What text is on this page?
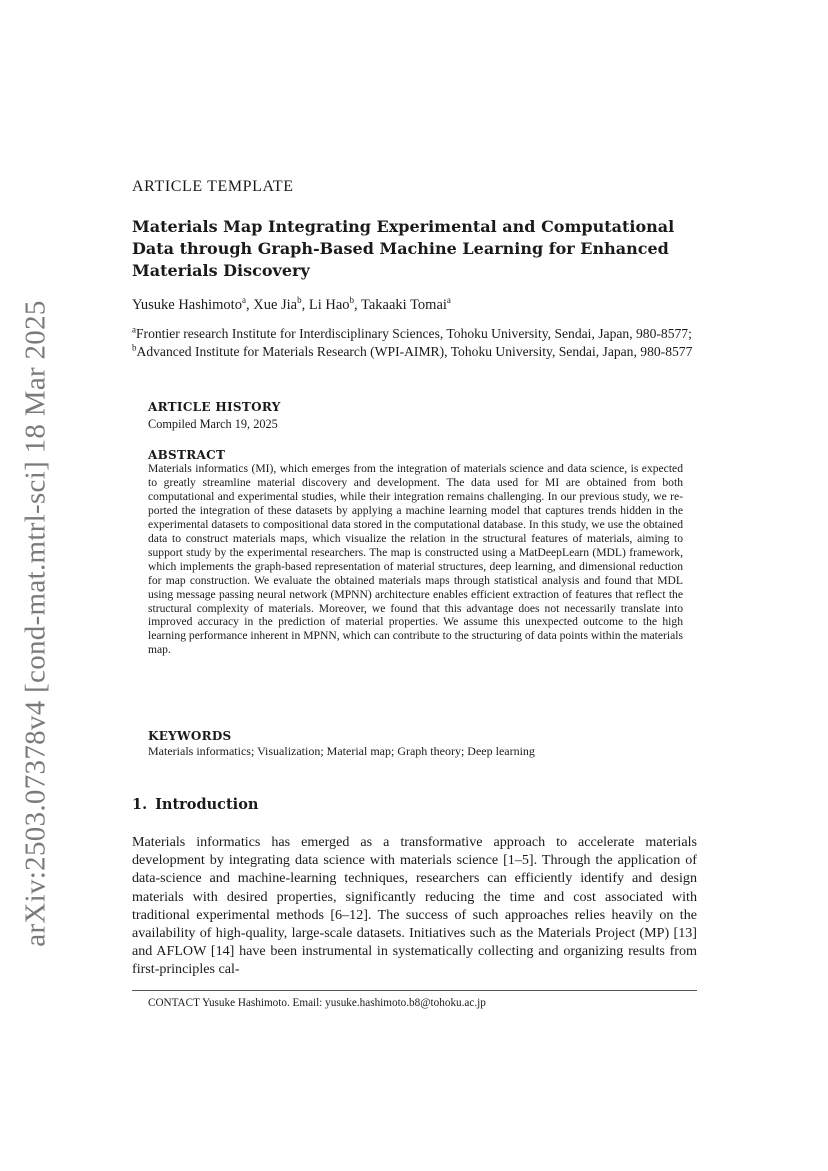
arXiv:2503.07378v4 [cond-mat.mtrl-sci] 18 Mar 2025
ARTICLE TEMPLATE
Materials Map Integrating Experimental and Computational Data through Graph-Based Machine Learning for Enhanced Materials Discovery
Yusuke Hashimoto$^a$, Xue Jia$^b$, Li Hao$^b$, Takaaki Tomai$^a$
$^a$Frontier research Institute for Interdisciplinary Sciences, Tohoku University, Sendai, Japan, 980-8577; $^b$Advanced Institute for Materials Research (WPI-AIMR), Tohoku University, Sendai, Japan, 980-8577
ARTICLE HISTORY
Compiled March 19, 2025
ABSTRACT

Materials informatics (MI), which emerges from the integration of materials science and data science, is expected to greatly streamline material discovery and development. The data used for MI are obtained from both computational and experimental studies, while their integration remains challenging. In our previous study, we reported the integration of these datasets by applying a machine learning model that captures trends hidden in the experimental datasets to compositional data stored in the computational database. In this study, we use the obtained data to construct materials maps, which visualize the relation in the structural features of materials, aiming to support study by the experimental researchers. The map is constructed using a MatDeepLearn (MDL) framework, which implements the graph-based representation of material structures, deep learning, and dimensional reduction for map construction. We evaluate the obtained materials maps through statistical analysis and found that MDL using message passing neural network (MPNN) architecture enables efficient extraction of features that reflect the structural complexity of materials. Moreover, we found that this advantage does not necessarily translate into improved accuracy in the prediction of material properties. We assume this unexpected outcome to the high learning performance inherent in MPNN, which can contribute to the structuring of data points within the materials map.

KEYWORDS
Materials informatics; Visualization; Material map; Graph theory; Deep learning
1. Introduction

Materials informatics has emerged as a transformative approach to accelerate materials development by integrating data science with materials science [1–5]. Through the application of data-science and machine-learning techniques, researchers can efficiently identify and design materials with desired properties, significantly reducing the time and cost associated with traditional experimental methods [6–12]. The success of such approaches relies heavily on the availability of high-quality, large-scale datasets. Initiatives such as the Materials Project (MP) [13] and AFLOW [14] have been instrumental in systematically collecting and organizing results from first-principles cal-

CONTACT Yusuke Hashimoto. Email: yusuke.hashimoto.b8@tohoku.ac.jp
